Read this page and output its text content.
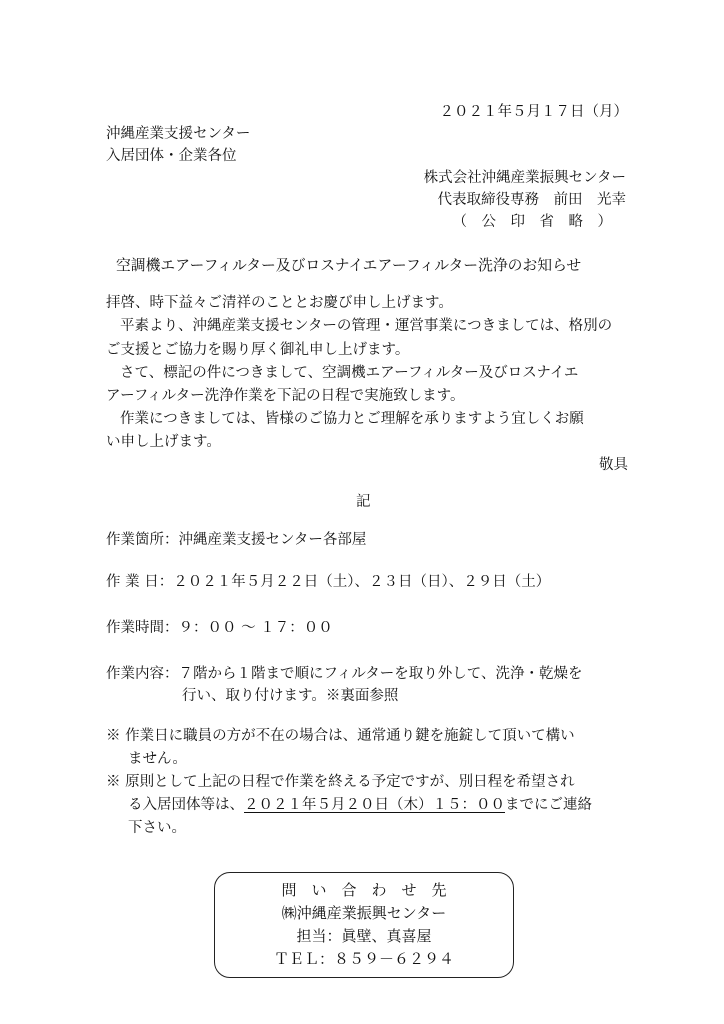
２０２１年５月１７日（月）
沖縄産業支援センター
入居団体・企業各位
株式会社沖縄産業振興センター
代表取締役専務　前田　光幸
（　公　印　省　略　）
空調機エアーフィルター及びロスナイエアーフィルター洗浄のお知らせ
拝啓、時下益々ご清祥のこととお慶び申し上げます。
平素より、沖縄産業支援センターの管理・運営事業につきましては、格別の
ご支援とご協力を賜り厚く御礼申し上げます。
さて、標記の件につきまして、空調機エアーフィルター及びロスナイエ
アーフィルター洗浄作業を下記の日程で実施致します。
作業につきましては、皆様のご協力とご理解を承りますよう宜しくお願
い申し上げます。
敬具
記
作業箇所：沖縄産業支援センター各部屋
作 業 日：２０２１年５月２２日（土）、２３日（日）、２９日（土）
作業時間：９：００ ～ １７：００
作業内容：７階から１階まで順にフィルターを取り外して、洗浄・乾燥を
行い、取り付けます。※裏面参照
※ 作業日に職員の方が不在の場合は、通常通り鍵を施錠して頂いて構い
ません。
※ 原則として上記の日程で作業を終える予定ですが、別日程を希望され
る入居団体等は、２０２１年５月２０日（木）１５：００までにご連絡
下さい。
問　い　合　わ　せ　先
㈱沖縄産業振興センター
担当：眞壁、真喜屋
ＴＥＬ：８５９－６２９４
